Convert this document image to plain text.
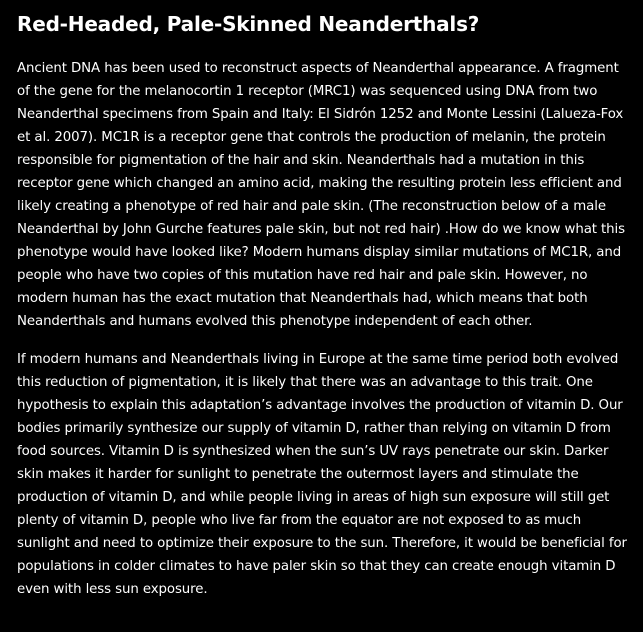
Red-Headed, Pale-Skinned Neanderthals?

Ancient DNA has been used to reconstruct aspects of Neanderthal appearance. A fragment of the gene for the melanocortin 1 receptor (MRC1) was sequenced using DNA from two Neanderthal specimens from Spain and Italy: El Sidrón 1252 and Monte Lessini (Lalueza-Fox et al. 2007). MC1R is a receptor gene that controls the production of melanin, the protein responsible for pigmentation of the hair and skin. Neanderthals had a mutation in this receptor gene which changed an amino acid, making the resulting protein less efficient and likely creating a phenotype of red hair and pale skin. (The reconstruction below of a male Neanderthal by John Gurche features pale skin, but not red hair) .How do we know what this phenotype would have looked like? Modern humans display similar mutations of MC1R, and people who have two copies of this mutation have red hair and pale skin. However, no modern human has the exact mutation that Neanderthals had, which means that both Neanderthals and humans evolved this phenotype independent of each other.

If modern humans and Neanderthals living in Europe at the same time period both evolved this reduction of pigmentation, it is likely that there was an advantage to this trait. One hypothesis to explain this adaptation’s advantage involves the production of vitamin D. Our bodies primarily synthesize our supply of vitamin D, rather than relying on vitamin D from food sources. Vitamin D is synthesized when the sun’s UV rays penetrate our skin. Darker skin makes it harder for sunlight to penetrate the outermost layers and stimulate the production of vitamin D, and while people living in areas of high sun exposure will still get plenty of vitamin D, people who live far from the equator are not exposed to as much sunlight and need to optimize their exposure to the sun. Therefore, it would be beneficial for populations in colder climates to have paler skin so that they can create enough vitamin D even with less sun exposure.
